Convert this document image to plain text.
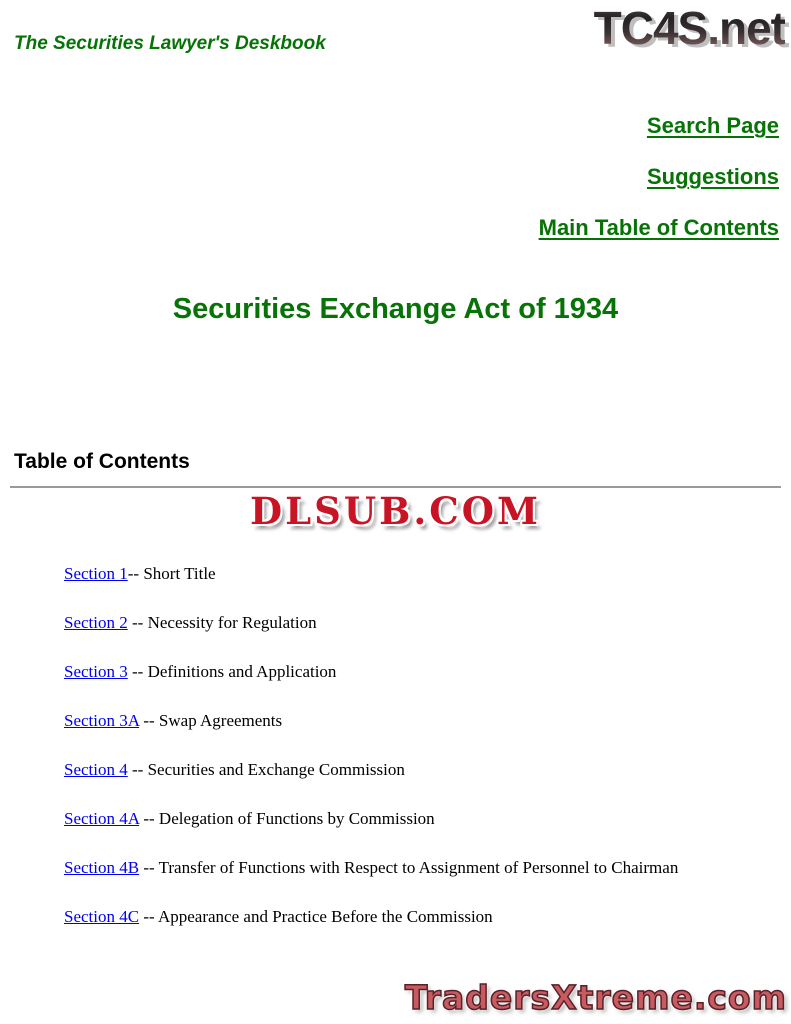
The Securities Lawyer's Deskbook	TC4S.net
Search Page
Suggestions
Main Table of Contents
Securities Exchange Act of 1934
Table of Contents
DLSUB.COM

Section 1-- Short Title

Section 2 -- Necessity for Regulation

Section 3 -- Definitions and Application

Section 3A -- Swap Agreements

Section 4 -- Securities and Exchange Commission

Section 4A -- Delegation of Functions by Commission

Section 4B -- Transfer of Functions with Respect to Assignment of Personnel to Chairman

Section 4C -- Appearance and Practice Before the Commission

TradersXtreme.com
